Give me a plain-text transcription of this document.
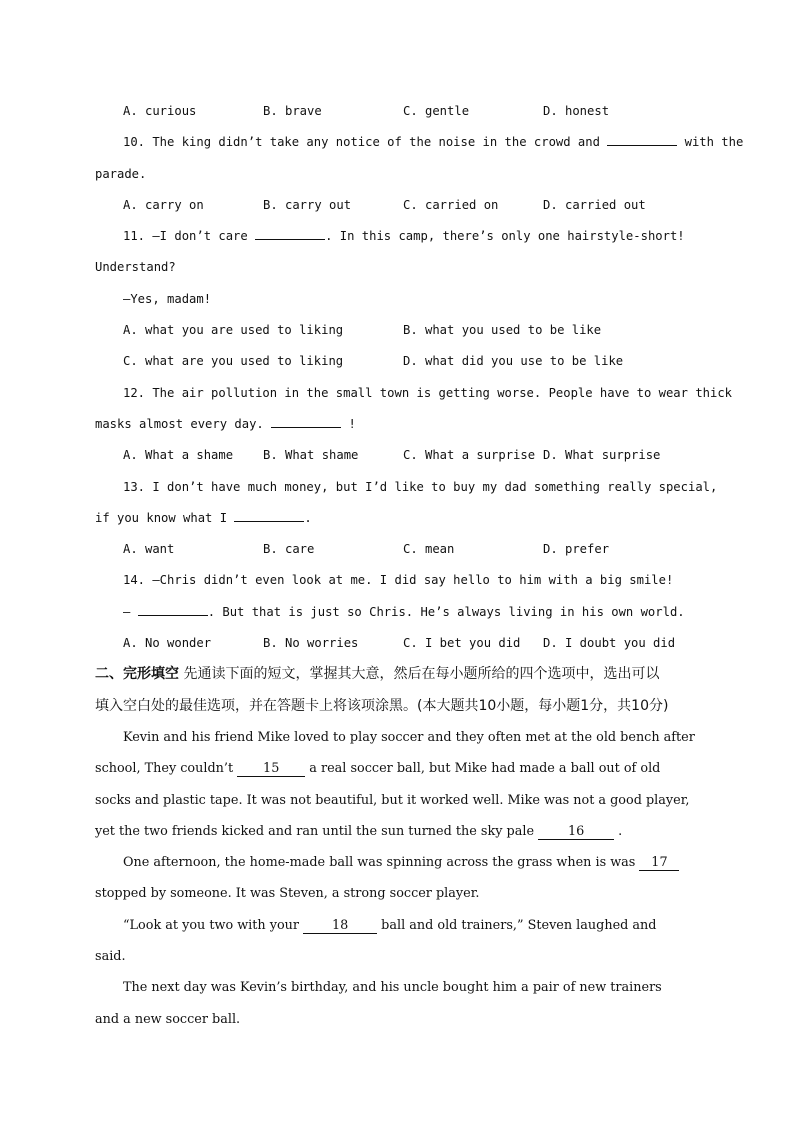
A. curious	B. brave	C. gentle	D. honest
10. The king didn’t take any notice of the noise in the crowd and	with the
parade.
A. carry on	B. carry out	C. carried on	D. carried out
11. —I don’t care	. In this camp, there’s only one hairstyle-short!
Understand?
—Yes, madam!
A. what you are used to liking	B. what you used to be like
C. what are you used to liking	D. what did you use to be like
12. The air pollution in the small town is getting worse. People have to wear thick
masks almost every day.	!
A. What a shame	B. What shame	C. What a surprise D. What surprise
13. I don’t have much money, but I’d like to buy my dad something really special,
if you know what I	.
A. want	B. care	C. mean	D. prefer
14. —Chris didn’t even look at me. I did say hello to him with a big smile!
—	. But that is just so Chris. He’s always living in his own world.
A. No wonder	B. No worries	C. I bet you did	D. I doubt you did
二、完形填空 先通读下面的短文，掌握其大意，然后在每小题所给的四个选项中，选出可以
填入空白处的最佳选项，并在答题卡上将该项涂黑。(本大题共10小题，每小题1分，共10分)
Kevin and his friend Mike loved to play soccer and they often met at the old bench after
school, They couldn’t 15 a real soccer ball, but Mike had made a ball out of old
socks and plastic tape. It was not beautiful, but it worked well. Mike was not a good player,
yet the two friends kicked and ran until the sun turned the sky pale	16	.
One afternoon, the home-made ball was spinning across the grass when is was 17
stopped by someone. It was Steven, a strong soccer player.
“Look at you two with your	18	ball and old trainers,” Steven laughed and
said.
The next day was Kevin’s birthday, and his uncle bought him a pair of new trainers
and a new soccer ball.
